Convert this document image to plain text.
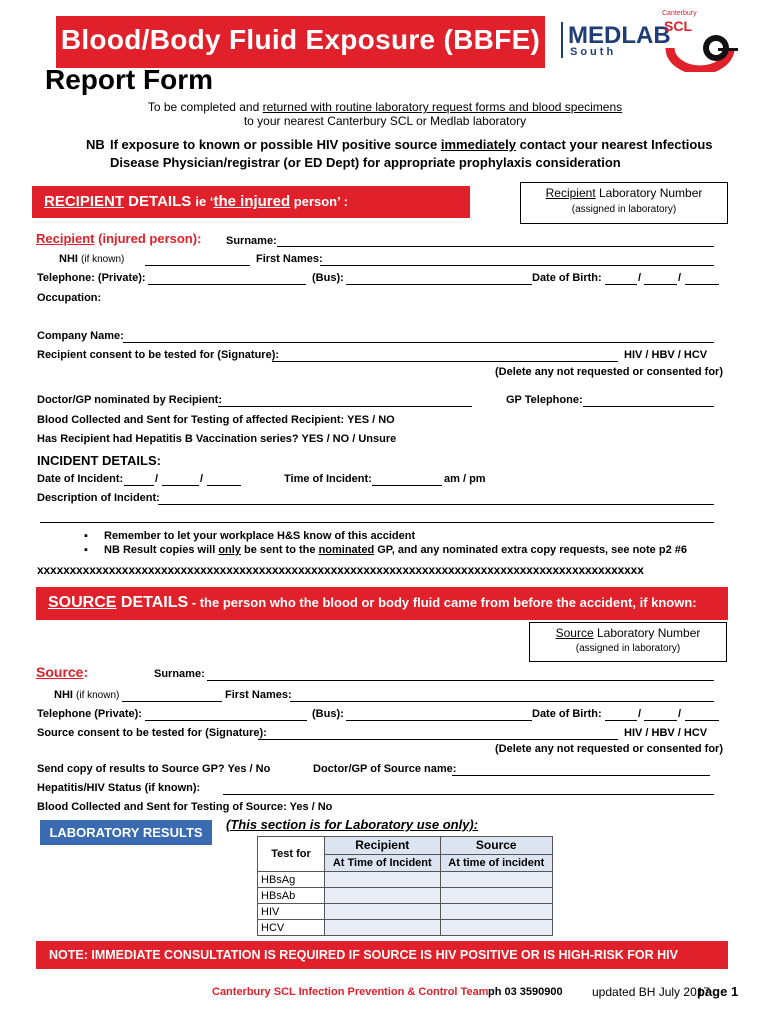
Blood/Body Fluid Exposure (BBFE) MEDLAB
South
Canterbury
SCL
Report Form
To be completed and returned with routine laboratory request forms and blood specimens
to your nearest Canterbury SCL or Medlab laboratory
NB If exposure to known or possible HIV positive source immediately contact your nearest Infectious
Disease Physician/registrar (or ED Dept) for appropriate prophylaxis consideration
RECIPIENT DETAILS ie ‘the injured person’ :
Recipient Laboratory Number
(assigned in laboratory)
Recipient (injured person): Surname:
NHI (if known)	First Names:
Telephone: (Private):	(Bus):	Date of Birth:	/	/
Occupation:
Company Name:
Recipient consent to be tested for (Signature):	HIV / HBV / HCV
(Delete any not requested or consented for)
Doctor/GP nominated by Recipient:	GP Telephone:
Blood Collected and Sent for Testing of affected Recipient: YES / NO
Has Recipient had Hepatitis B Vaccination series? YES / NO / Unsure
INCIDENT DETAILS:
Date of Incident:	/	/	Time of Incident:	am / pm
Description of Incident:
▪ Remember to let your workplace H&S know of this accident
▪ NB Result copies will only be sent to the nominated GP, and any nominated extra copy requests, see note p2 #6
xxxxxxxxxxxxxxxxxxxxxxxxxxxxxxxxxxxxxxxxxxxxxxxxxxxxxxxxxxxxxxxxxxxxxxxxxxxxxxxxxxxxxxxxxxxxx
SOURCE DETAILS - the person who the blood or body fluid came from before the accident, if known:
Source Laboratory Number
(assigned in laboratory)
Source:	Surname:
NHI (if known)	First Names:
Telephone (Private):	(Bus):	Date of Birth:	/	/
Source consent to be tested for (Signature):	HIV / HBV / HCV
(Delete any not requested or consented for)
Send copy of results to Source GP? Yes / No	Doctor/GP of Source name:
Hepatitis/HIV Status (if known):
Blood Collected and Sent for Testing of Source: Yes / No
LABORATORY RESULTS
(This section is for Laboratory use only):
Test for	Recipient	Source
	At Time of Incident	At time of incident
HBsAg		
HBsAb		
HIV		
HCV		
NOTE: IMMEDIATE CONSULTATION IS REQUIRED IF SOURCE IS HIV POSITIVE OR IS HIGH-RISK FOR HIV
Canterbury SCL Infection Prevention & Control Team ph 03 3590900 updated BH July 2017
page 1
